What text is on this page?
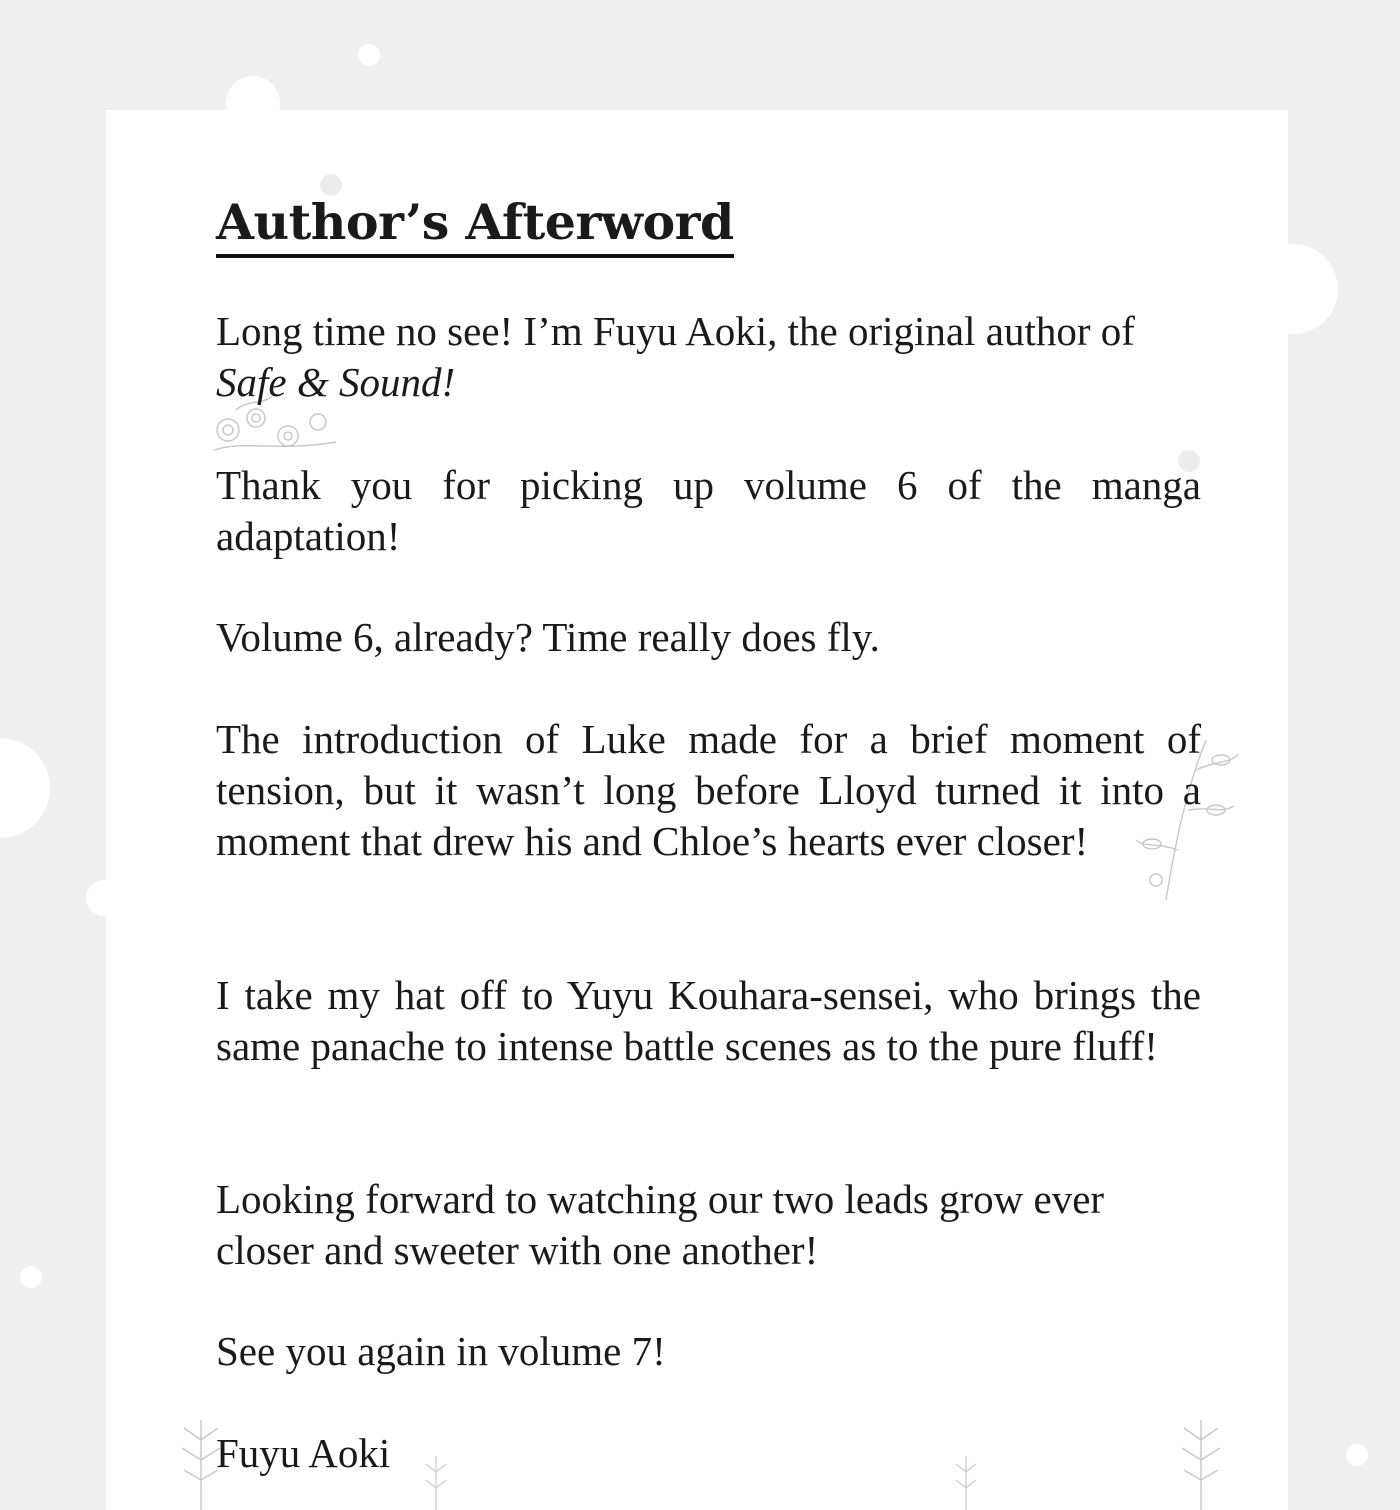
Author’s Afterword

Long time no see! I’m Fuyu Aoki, the original author of Safe & Sound!

Thank you for picking up volume 6 of the manga adaptation!

Volume 6, already? Time really does fly.

The introduction of Luke made for a brief moment of tension, but it wasn’t long before Lloyd turned it into a moment that drew his and Chloe’s hearts ever closer!

I take my hat off to Yuyu Kouhara-sensei, who brings the same panache to intense battle scenes as to the pure fluff!

Looking forward to watching our two leads grow ever closer and sweeter with one another!

See you again in volume 7!

Fuyu Aoki
